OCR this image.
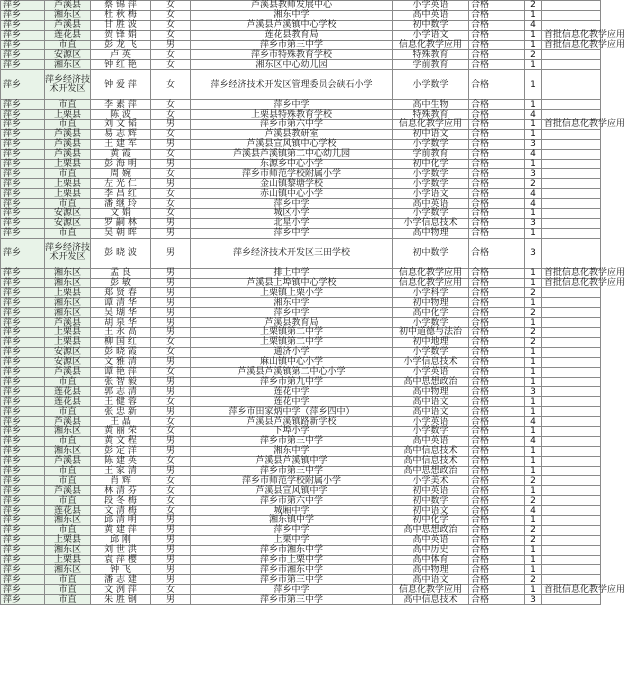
萍乡	芦溪县	蔡 锦 萍	女	芦溪县教师发展中心	小学英语	合格	2	
萍乡	湘东区	杜 秋 梅	女	湘东中学	高中英语	合格	1	
萍乡	芦溪县	甘 胜 波	女	芦溪县芦溪镇中心学校	初中数学	合格	4	
萍乡	莲花县	贺 锋 娟	女	莲花县教育局	小学语文	合格	1	首批信息化教学应用
萍乡	市直	彭 龙 飞	男	萍乡市第三中学	信息化教学应用	合格	1	首批信息化教学应用
萍乡	安源区	卢 英	女	萍乡市特殊教育学校	特殊教育	合格	2	
萍乡	湘东区	钟 红 艳	女	湘东区中心幼儿园	学前教育	合格	1	
萍乡	萍乡经济技术开发区	钟 爱 萍	女	萍乡经济技术开发区管理委员会硖石小学	小学数学	合格	1	
萍乡	市直	李 素 萍	女	萍乡中学	高中生物	合格	1	
萍乡	上栗县	陈 波	女	上栗县特殊教育学校	特殊教育	合格	4	
萍乡	市直	刘 文 韬	男	萍乡市第六中学	信息化教学应用	合格	1	首批信息化教学应用
萍乡	芦溪县	易 志 辉	女	芦溪县教研室	初中语文	合格	1	
萍乡	芦溪县	王 建 军	男	芦溪县宣风镇中心学校	小学数学	合格	3	
萍乡	芦溪县	黄 霞	女	芦溪县芦溪镇第二中心幼儿园	学前教育	合格	4	
萍乡	上栗县	彭 海 明	男	东源乡中心小学	初中化学	合格	1	
萍乡	市直	周 婉	女	萍乡市师范学校附属小学	小学数学	合格	3	
萍乡	上栗县	左 光 仁	男	金山镇黎塘学校	小学数学	合格	2	
萍乡	上栗县	李 昌 红	女	赤山镇中心小学	小学语文	合格	4	
萍乡	市直	潘 继 玲	女	萍乡中学	高中英语	合格	4	
萍乡	安源区	文 娟	女	城区小学	小学数学	合格	1	
萍乡	安源区	罗 嗣 林	男	北星小学	小学信息技术	合格	3	
萍乡	市直	吴 朝 晖	男	萍乡中学	高中物理	合格	1	
萍乡	萍乡经济技术开发区	彭 晓 波	男	萍乡经济技术开发区三田学校	初中数学	合格	3	
萍乡	湘东区	孟 良	男	排上中学	信息化教学应用	合格	1	首批信息化教学应用
萍乡	湘东区	彭 敏	男	芦溪县上埠镇中心学校	信息化教学应用	合格	1	首批信息化教学应用
萍乡	上栗县	郑 贤 春	男	上栗镇上栗小学	小学科学	合格	2	
萍乡	湘东区	谭 清 华	男	湘东中学	初中物理	合格	1	
萍乡	湘东区	吴 瑚 华	男	萍乡中学	高中化学	合格	2	
萍乡	芦溪县	胡 泉 华	男	芦溪县教育局	小学数学	合格	1	
萍乡	上栗县	王 永 高	男	上栗镇第二中学	初中道德与法治	合格	2	
萍乡	上栗县	柳 国 红	女	上栗镇第二中学	初中地理	合格	2	
萍乡	安源区	彭 晓 霞	女	通济小学	小学数学	合格	1	
萍乡	安源区	文 雅 清	男	麻山镇中心小学	小学信息技术	合格	1	
萍乡	芦溪县	谭 艳 萍	女	芦溪县芦溪镇第二中心小学	小学英语	合格	1	
萍乡	市直	张 智 毅	男	萍乡市第九中学	高中思想政治	合格	1	
萍乡	莲花县	郭 志 清	男	莲花中学	高中物理	合格	3	
萍乡	莲花县	王 健 蓉	女	莲花中学	高中语文	合格	1	
萍乡	市直	张 忠 新	男	萍乡市田家炳中学（萍乡四中）	高中语文	合格	1	
萍乡	芦溪县	王 晶	女	芦溪县芦溪镇路新学校	小学英语	合格	4	
萍乡	湘东区	黄 丽 荣	女	下埠小学	小学数学	合格	1	
萍乡	市直	黄 文 程	男	萍乡市第三中学	高中英语	合格	4	
萍乡	湘东区	彭 定 洋	男	湘东中学	高中信息技术	合格	1	
萍乡	芦溪县	陈 建 英	女	芦溪县芦溪镇中学	高中信息技术	合格	1	
萍乡	市直	王 家 清	男	萍乡市第三中学	高中思想政治	合格	1	
萍乡	市直	肖 辉	女	萍乡市师范学校附属小学	小学美术	合格	2	
萍乡	芦溪县	林 清 芬	女	芦溪县宣风镇中学	初中英语	合格	1	
萍乡	市直	段 冬 梅	女	萍乡市第六中学	初中数学	合格	2	
萍乡	莲花县	文 清 梅	女	城厢中学	初中语文	合格	4	
萍乡	湘东区	邱 清 明	男	湘东镇中学	初中化学	合格	1	
萍乡	市直	黄 建 萍	男	萍乡中学	高中思想政治	合格	2	
萍乡	上栗县	邱 刚	男	上栗中学	高中英语	合格	2	
萍乡	湘东区	刘 世 洪	男	萍乡市湘东中学	高中历史	合格	1	
萍乡	上栗县	袁 萍 樱	男	萍乡市上栗中学	高中体育	合格	1	
萍乡	湘东区	钟 飞	男	萍乡市湘东中学	高中物理	合格	1	
萍乡	市直	潘 志 建	男	萍乡市第三中学	高中语文	合格	2	
萍乡	市直	文 洌 萍	女	萍乡中学	信息化教学应用	合格	1	首批信息化教学应用
萍乡	市直	朱 胜 钢	男	萍乡市第三中学	高中信息技术	合格	3	
